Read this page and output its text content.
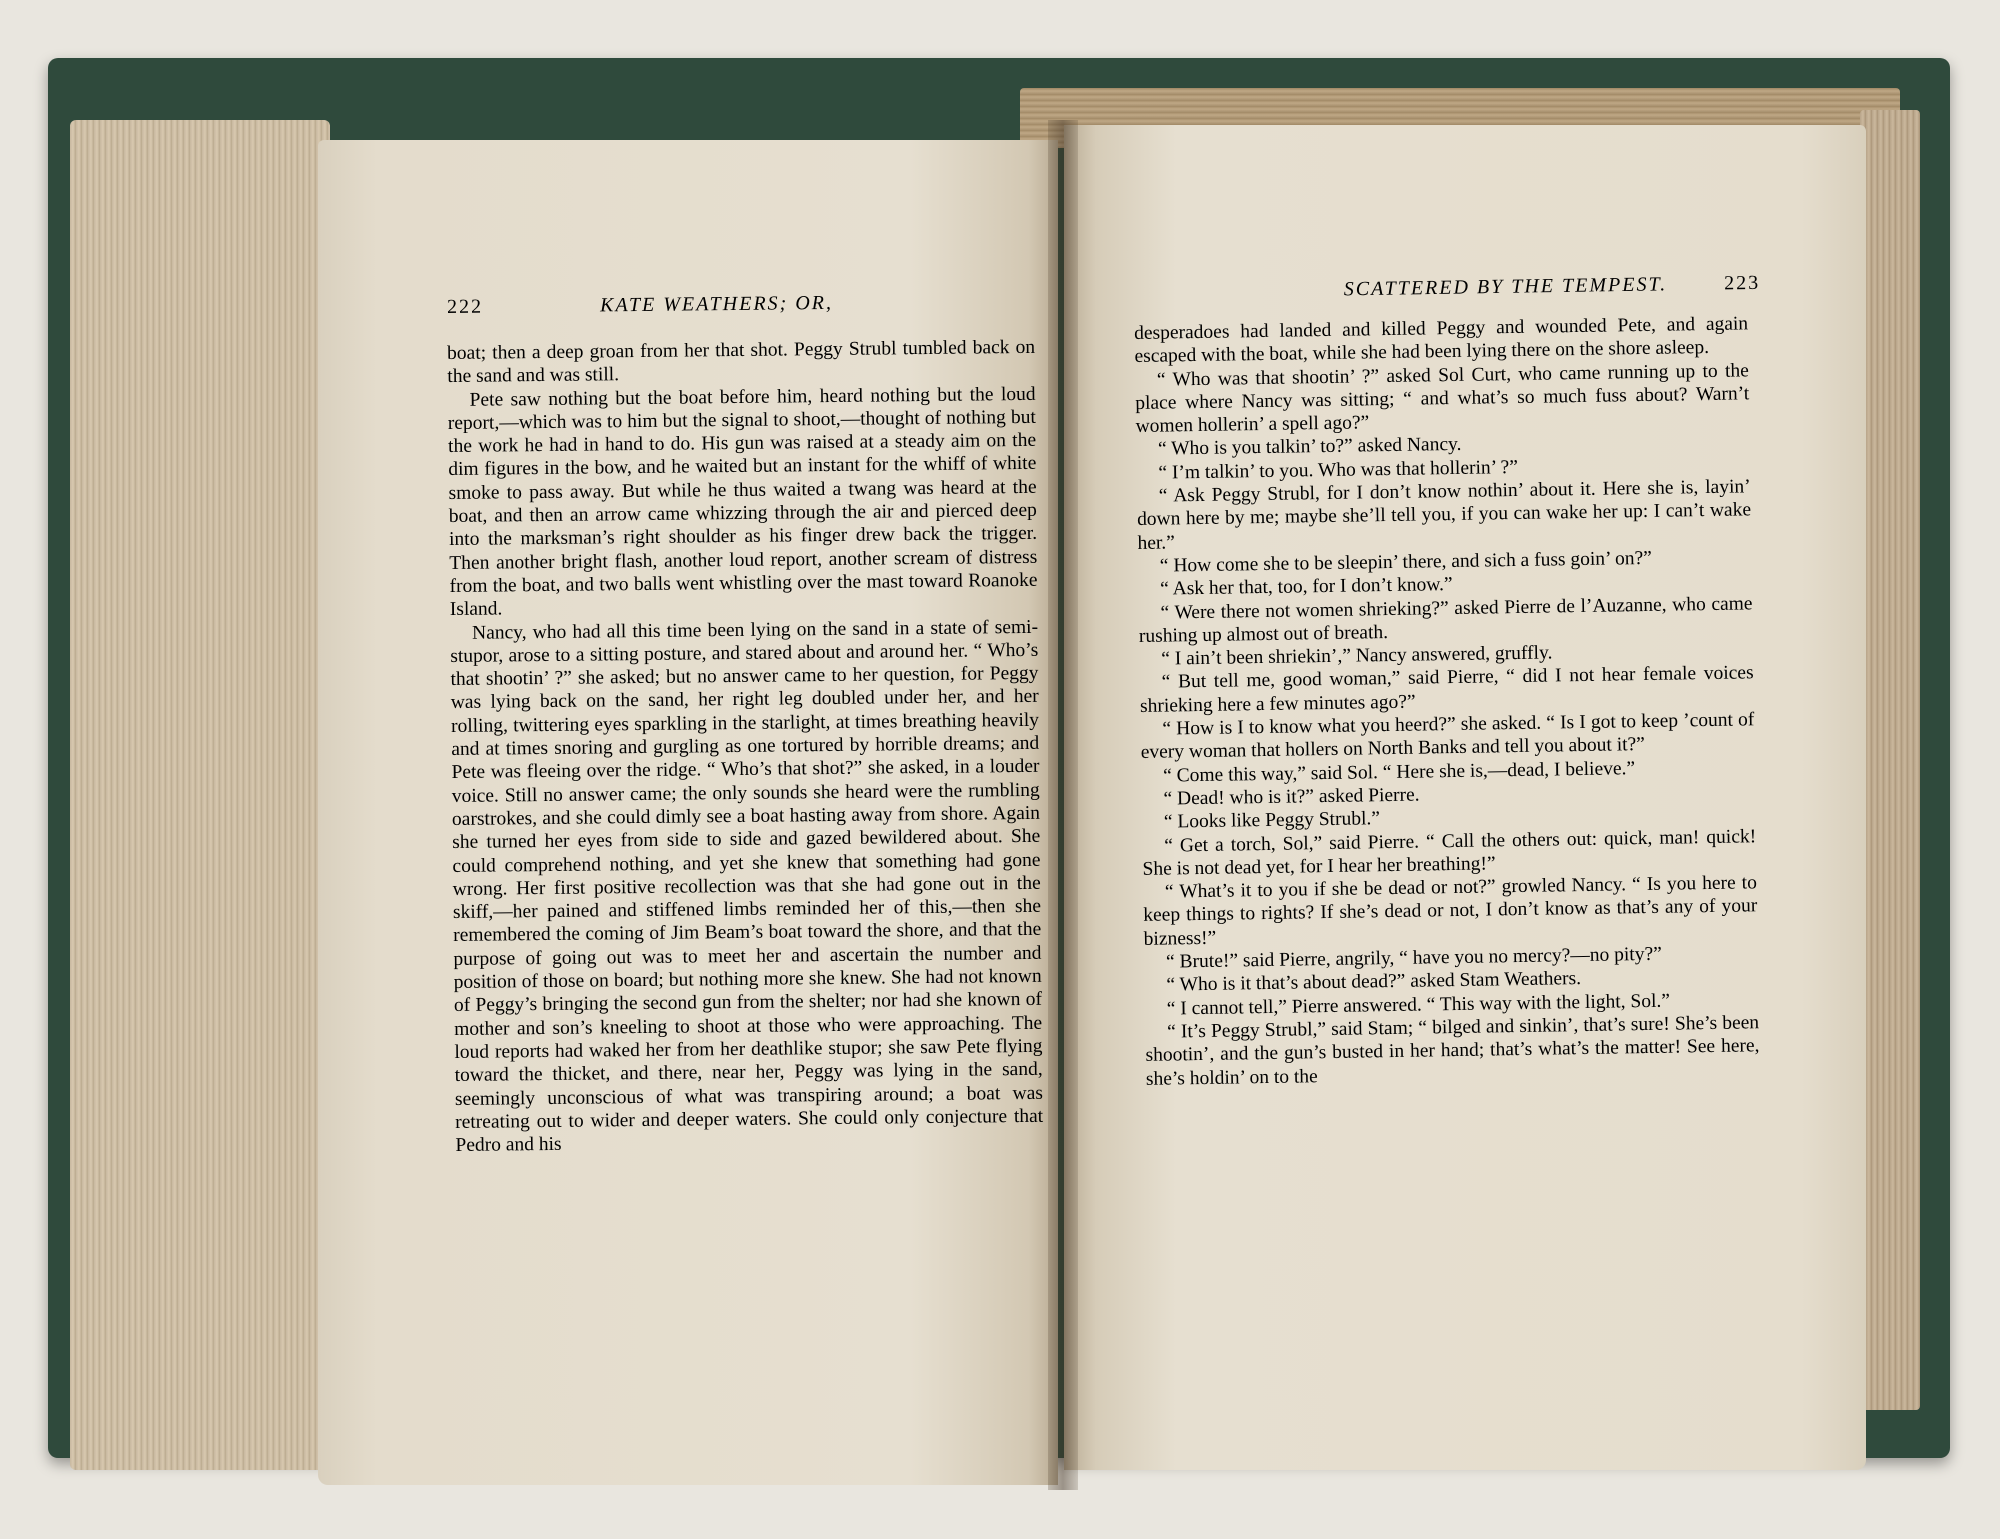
222	KATE WEATHERS; OR,
SCATTERED BY THE TEMPEST.	223

boat; then a deep groan from her that shot. Peggy Strubl tumbled back on the sand and was still.

Pete saw nothing but the boat before him, heard nothing but the loud report,—which was to him but the signal to shoot,—thought of nothing but the work he had in hand to do. His gun was raised at a steady aim on the dim figures in the bow, and he waited but an instant for the whiff of white smoke to pass away. But while he thus waited a twang was heard at the boat, and then an arrow came whizzing through the air and pierced deep into the marksman’s right shoulder as his finger drew back the trigger. Then another bright flash, another loud report, another scream of distress from the boat, and two balls went whistling over the mast toward Roanoke Island.

Nancy, who had all this time been lying on the sand in a state of semi-stupor, arose to a sitting posture, and stared about and around her. “ Who’s that shootin’ ?” she asked; but no answer came to her question, for Peggy was lying back on the sand, her right leg doubled under her, and her rolling, twittering eyes sparkling in the starlight, at times breathing heavily and at times snoring and gurgling as one tortured by horrible dreams; and Pete was fleeing over the ridge. “ Who’s that shot?” she asked, in a louder voice. Still no answer came; the only sounds she heard were the rumbling oarstrokes, and she could dimly see a boat hasting away from shore. Again she turned her eyes from side to side and gazed bewildered about. She could comprehend nothing, and yet she knew that something had gone wrong. Her first positive recollection was that she had gone out in the skiff,—her pained and stiffened limbs reminded her of this,—then she remembered the coming of Jim Beam’s boat toward the shore, and that the purpose of going out was to meet her and ascertain the number and position of those on board; but nothing more she knew. She had not known of Peggy’s bringing the second gun from the shelter; nor had she known of mother and son’s kneeling to shoot at those who were approaching. The loud reports had waked her from her deathlike stupor; she saw Pete flying toward the thicket, and there, near her, Peggy was lying in the sand, seemingly unconscious of what was transpiring around; a boat was retreating out to wider and deeper waters. She could only conjecture that Pedro and his

desperadoes had landed and killed Peggy and wounded Pete, and again escaped with the boat, while she had been lying there on the shore asleep.

“ Who was that shootin’ ?” asked Sol Curt, who came running up to the place where Nancy was sitting; “ and what’s so much fuss about? Warn’t women hollerin’ a spell ago?”

“ Who is you talkin’ to?” asked Nancy.

“ I’m talkin’ to you. Who was that hollerin’ ?”

“ Ask Peggy Strubl, for I don’t know nothin’ about it. Here she is, layin’ down here by me; maybe she’ll tell you, if you can wake her up: I can’t wake her.”

“ How come she to be sleepin’ there, and sich a fuss goin’ on?”

“ Ask her that, too, for I don’t know.”

“ Were there not women shrieking?” asked Pierre de l’Auzanne, who came rushing up almost out of breath.

“ I ain’t been shriekin’,” Nancy answered, gruffly.

“ But tell me, good woman,” said Pierre, “ did I not hear female voices shrieking here a few minutes ago?”

“ How is I to know what you heerd?” she asked. “ Is I got to keep ’count of every woman that hollers on North Banks and tell you about it?”

“ Come this way,” said Sol. “ Here she is,—dead, I believe.”

“ Dead! who is it?” asked Pierre.

“ Looks like Peggy Strubl.”

“ Get a torch, Sol,” said Pierre. “ Call the others out: quick, man! quick! She is not dead yet, for I hear her breathing!”

“ What’s it to you if she be dead or not?” growled Nancy. “ Is you here to keep things to rights? If she’s dead or not, I don’t know as that’s any of your bizness!”

“ Brute!” said Pierre, angrily, “ have you no mercy?—no pity?”

“ Who is it that’s about dead?” asked Stam Weathers.

“ I cannot tell,” Pierre answered. “ This way with the light, Sol.”

“ It’s Peggy Strubl,” said Stam; “ bilged and sinkin’, that’s sure! She’s been shootin’, and the gun’s busted in her hand; that’s what’s the matter! See here, she’s holdin’ on to the
